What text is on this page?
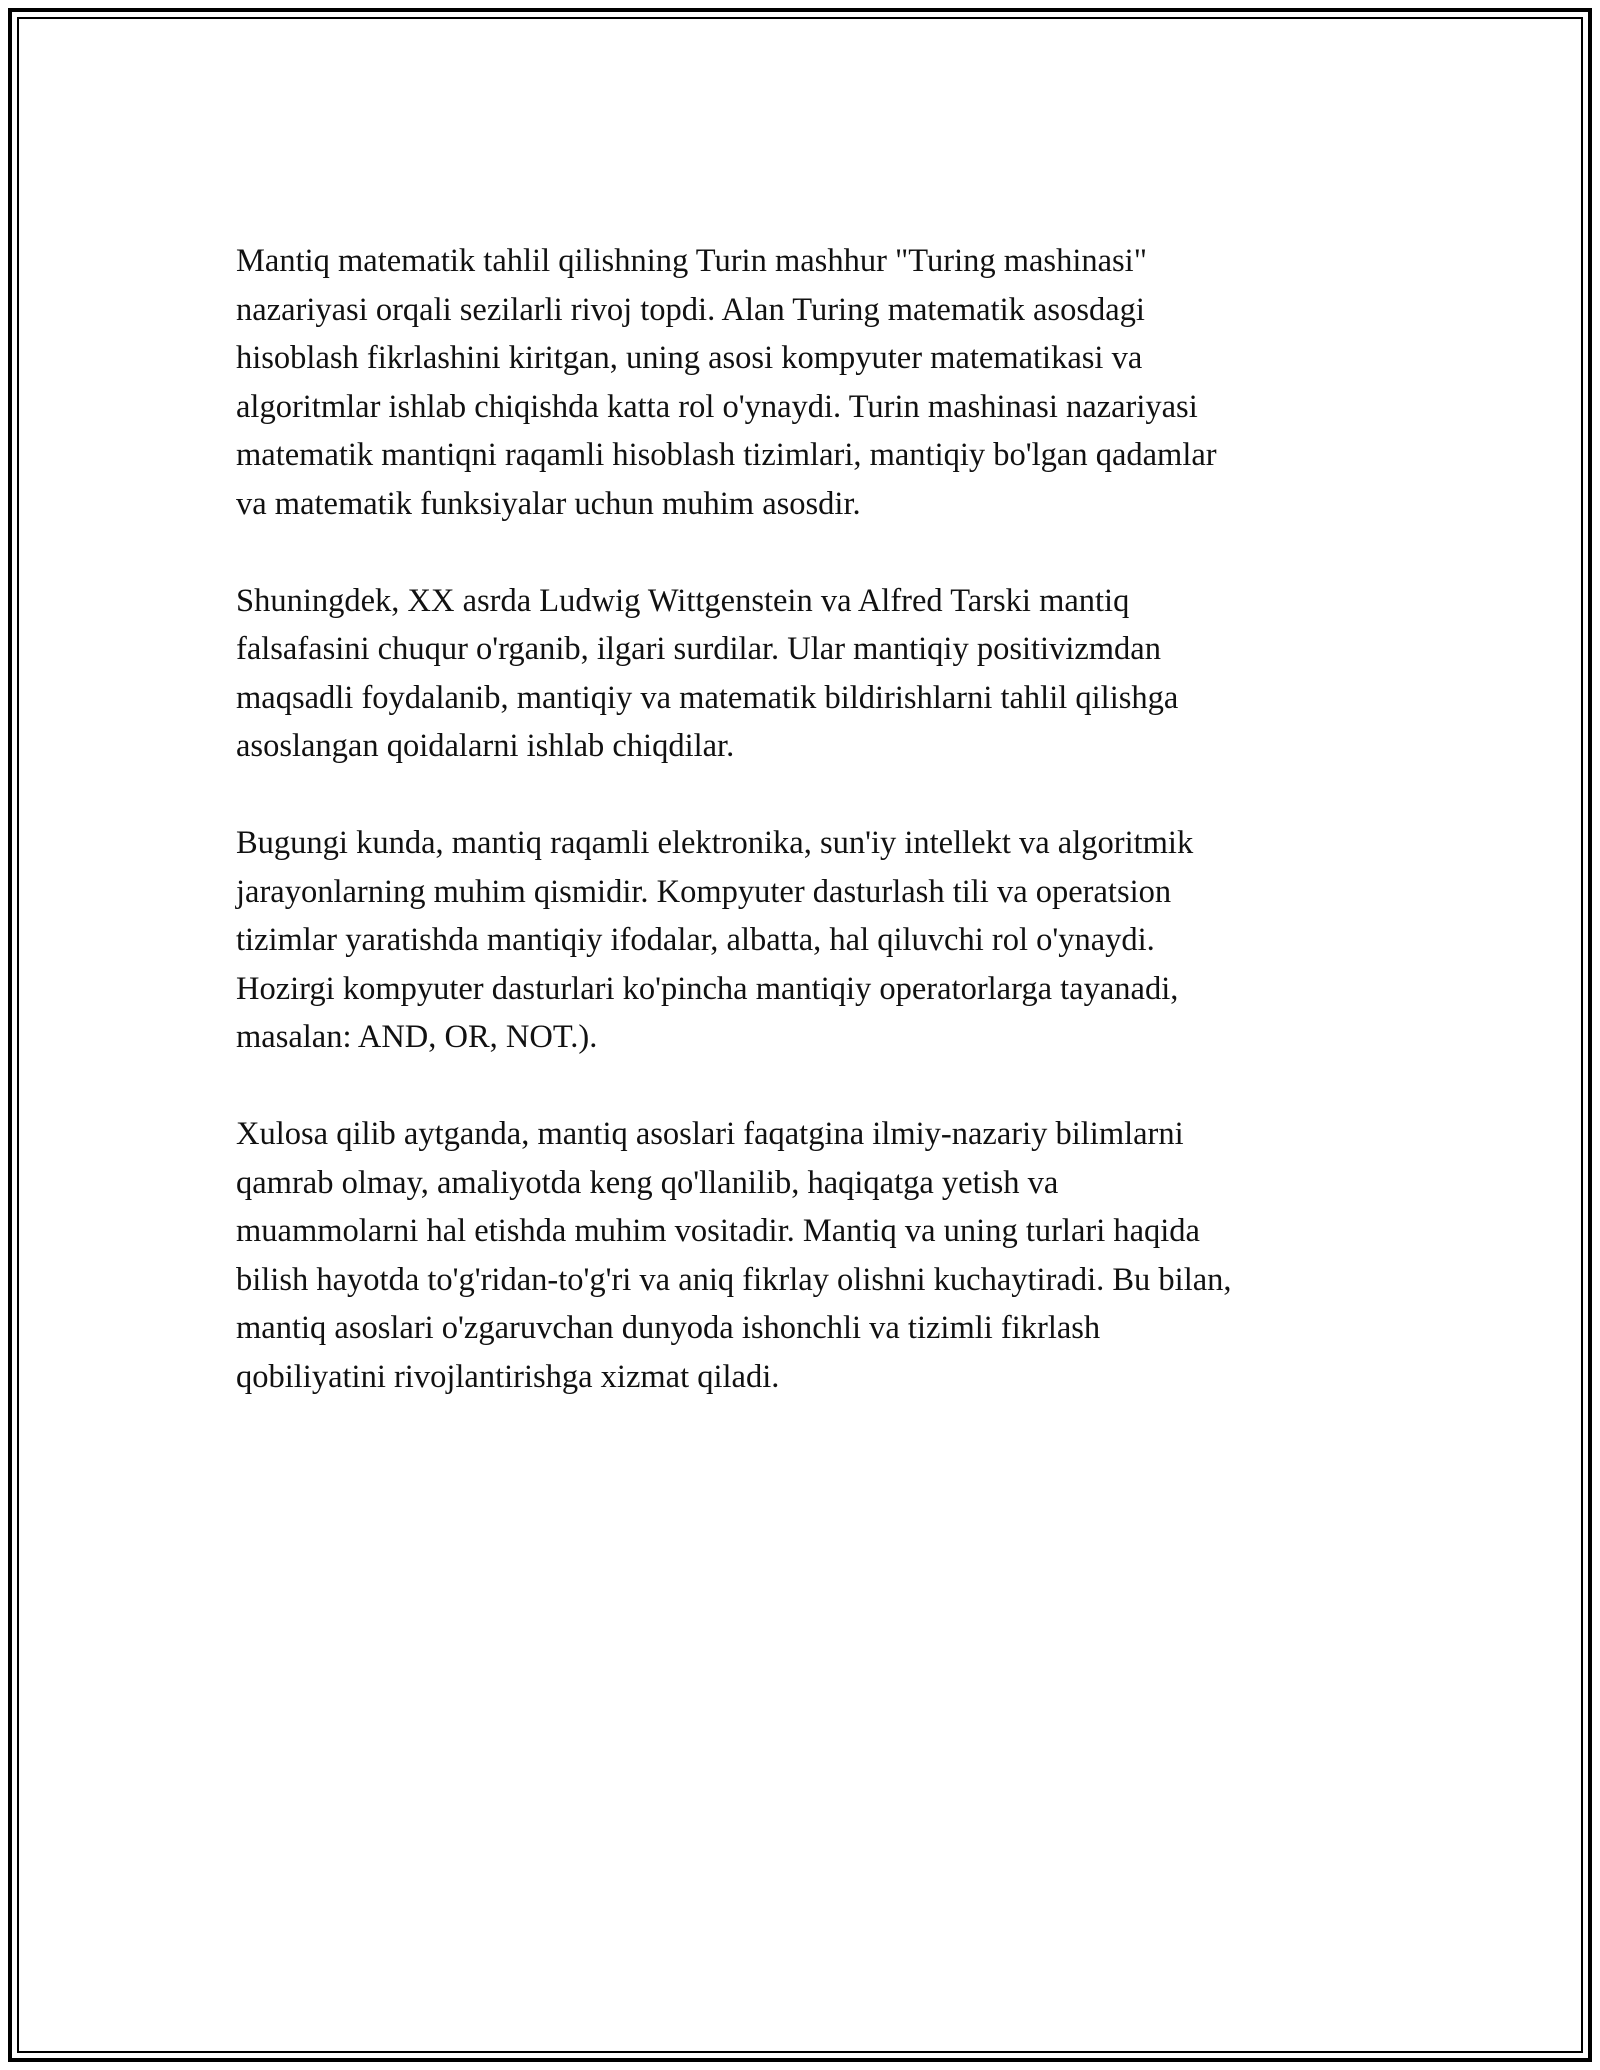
Mantiq matematik tahlil qilishning Turin mashhur "Turing mashinasi"
nazariyasi orqali sezilarli rivoj topdi. Alan Turing matematik asosdagi
hisoblash fikrlashini kiritgan, uning asosi kompyuter matematikasi va
algoritmlar ishlab chiqishda katta rol o'ynaydi. Turin mashinasi nazariyasi
matematik mantiqni raqamli hisoblash tizimlari, mantiqiy bo'lgan qadamlar
va matematik funksiyalar uchun muhim asosdir.

Shuningdek, XX asrda Ludwig Wittgenstein va Alfred Tarski mantiq
falsafasini chuqur o'rganib, ilgari surdilar. Ular mantiqiy positivizmdan
maqsadli foydalanib, mantiqiy va matematik bildirishlarni tahlil qilishga
asoslangan qoidalarni ishlab chiqdilar.

Bugungi kunda, mantiq raqamli elektronika, sun'iy intellekt va algoritmik
jarayonlarning muhim qismidir. Kompyuter dasturlash tili va operatsion
tizimlar yaratishda mantiqiy ifodalar, albatta, hal qiluvchi rol o'ynaydi.
Hozirgi kompyuter dasturlari ko'pincha mantiqiy operatorlarga tayanadi,
masalan: AND, OR, NOT.).

Xulosa qilib aytganda, mantiq asoslari faqatgina ilmiy-nazariy bilimlarni
qamrab olmay, amaliyotda keng qo'llanilib, haqiqatga yetish va
muammolarni hal etishda muhim vositadir. Mantiq va uning turlari haqida
bilish hayotda to'g'ridan-to'g'ri va aniq fikrlay olishni kuchaytiradi. Bu bilan,
mantiq asoslari o'zgaruvchan dunyoda ishonchli va tizimli fikrlash
qobiliyatini rivojlantirishga xizmat qiladi.
